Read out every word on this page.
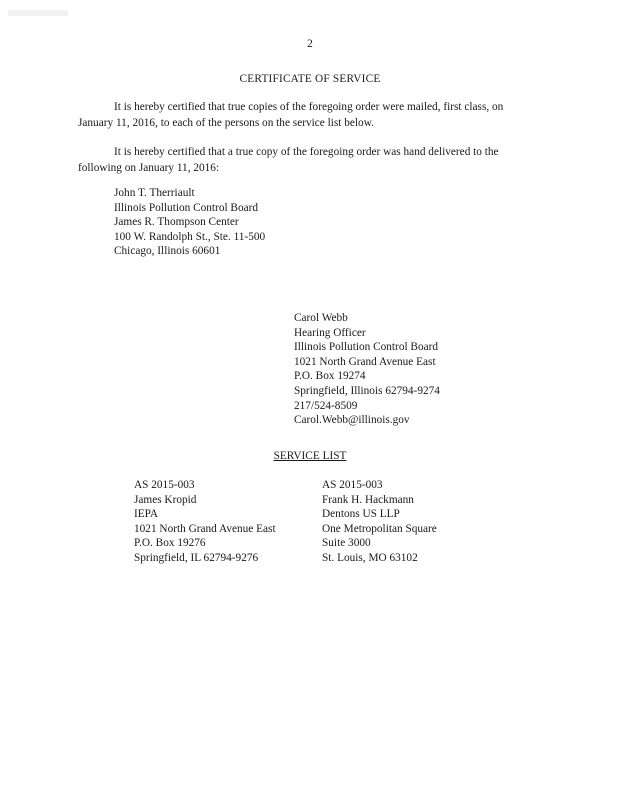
2

CERTIFICATE OF SERVICE

It is hereby certified that true copies of the foregoing order were mailed, first class, on January 11, 2016, to each of the persons on the service list below.

It is hereby certified that a true copy of the foregoing order was hand delivered to the following on January 11, 2016:

John T. Therriault
Illinois Pollution Control Board
James R. Thompson Center
100 W. Randolph St., Ste. 11-500
Chicago, Illinois 60601
Carol Webb
Hearing Officer
Illinois Pollution Control Board
1021 North Grand Avenue East
P.O. Box 19274
Springfield, Illinois 62794-9274
217/524-8509
Carol.Webb@illinois.gov

SERVICE LIST

AS 2015-003
James Kropid
IEPA
1021 North Grand Avenue East
P.O. Box 19276
Springfield, IL 62794-9276
AS 2015-003
Frank H. Hackmann
Dentons US LLP
One Metropolitan Square
Suite 3000
St. Louis, MO 63102
